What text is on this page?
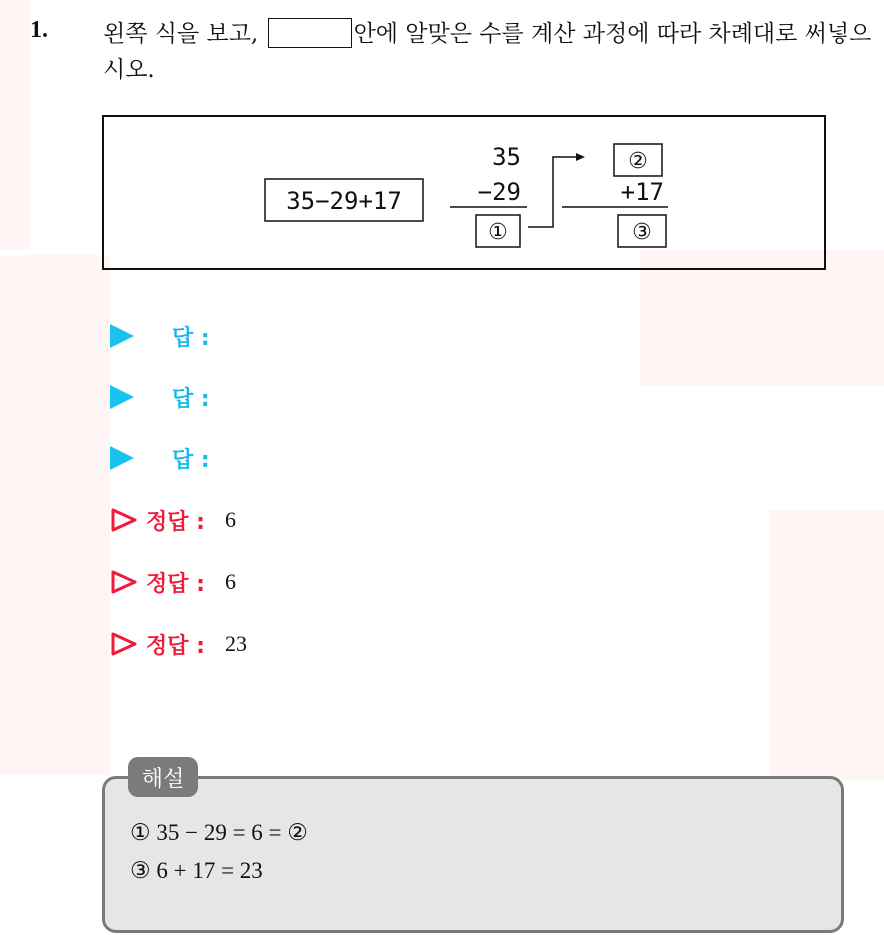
1. 왼쪽 식을 보고,	안에 알맞은 수를 계산 과정에 따라 차례대로 써넣으시오.
35−29+17
35
−29
①
②
+17
③
답 :
답 :
답 :
정답 : 6
정답 : 6
정답 : 23
해설
① 35 − 29 = 6 = ②
③ 6 + 17 = 23
